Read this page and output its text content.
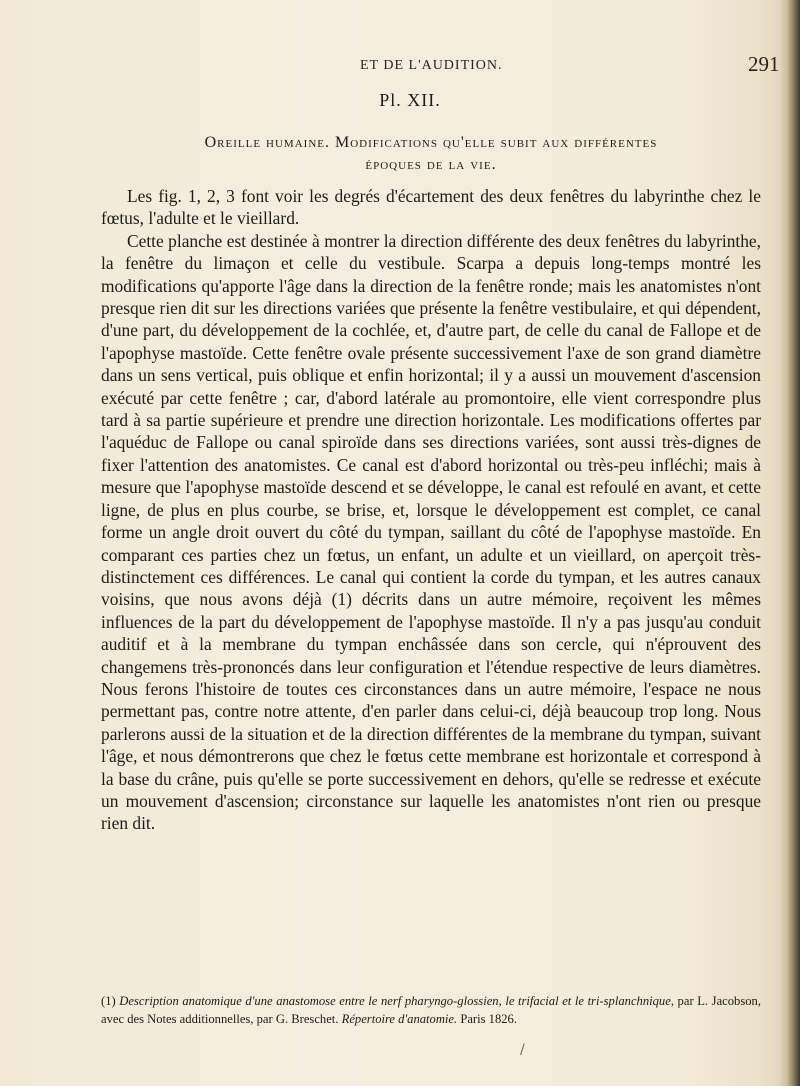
ET DE L'AUDITION.	291
Pl. XII.
Oreille humaine. Modifications qu'elle subit aux différentes
époques de la vie.

Les fig. 1, 2, 3 font voir les degrés d'écartement des deux fenêtres du labyrinthe chez le fœtus, l'adulte et le vieillard.

Cette planche est destinée à montrer la direction différente des deux fenêtres du labyrinthe, la fenêtre du limaçon et celle du vestibule. Scarpa a depuis long-temps montré les modifications qu'apporte l'âge dans la direction de la fenêtre ronde; mais les anatomistes n'ont presque rien dit sur les directions variées que présente la fenêtre vestibulaire, et qui dépendent, d'une part, du développement de la cochlée, et, d'autre part, de celle du canal de Fallope et de l'apophyse mastoïde. Cette fenêtre ovale présente successivement l'axe de son grand diamètre dans un sens vertical, puis oblique et enfin horizontal; il y a aussi un mouvement d'ascension exécuté par cette fenêtre ; car, d'abord latérale au promontoire, elle vient correspondre plus tard à sa partie supérieure et prendre une direction horizontale. Les modifications offertes par l'aquéduc de Fallope ou canal spiroïde dans ses directions variées, sont aussi très-dignes de fixer l'attention des anatomistes. Ce canal est d'abord horizontal ou très-peu infléchi; mais à mesure que l'apophyse mastoïde descend et se développe, le canal est refoulé en avant, et cette ligne, de plus en plus courbe, se brise, et, lorsque le développement est complet, ce canal forme un angle droit ouvert du côté du tympan, saillant du côté de l'apophyse mastoïde. En comparant ces parties chez un fœtus, un enfant, un adulte et un vieillard, on aperçoit très-distinctement ces différences. Le canal qui contient la corde du tympan, et les autres canaux voisins, que nous avons déjà (1) décrits dans un autre mémoire, reçoivent les mêmes influences de la part du développement de l'apophyse mastoïde. Il n'y a pas jusqu'au conduit auditif et à la membrane du tympan enchâssée dans son cercle, qui n'éprouvent des changemens très-prononcés dans leur configuration et l'étendue respective de leurs diamètres. Nous ferons l'histoire de toutes ces circonstances dans un autre mémoire, l'espace ne nous permettant pas, contre notre attente, d'en parler dans celui-ci, déjà beaucoup trop long. Nous parlerons aussi de la situation et de la direction différentes de la membrane du tympan, suivant l'âge, et nous démontrerons que chez le fœtus cette membrane est horizontale et correspond à la base du crâne, puis qu'elle se porte successivement en dehors, qu'elle se redresse et exécute un mouvement d'ascension; circonstance sur laquelle les anatomistes n'ont rien ou presque rien dit.

(1) Description anatomique d'une anastomose entre le nerf pharyngo-glossien, le trifacial et le tri-splanchnique, par L. Jacobson, avec des Notes additionnelles, par G. Breschet. Répertoire d'anatomie. Paris 1826.
/
